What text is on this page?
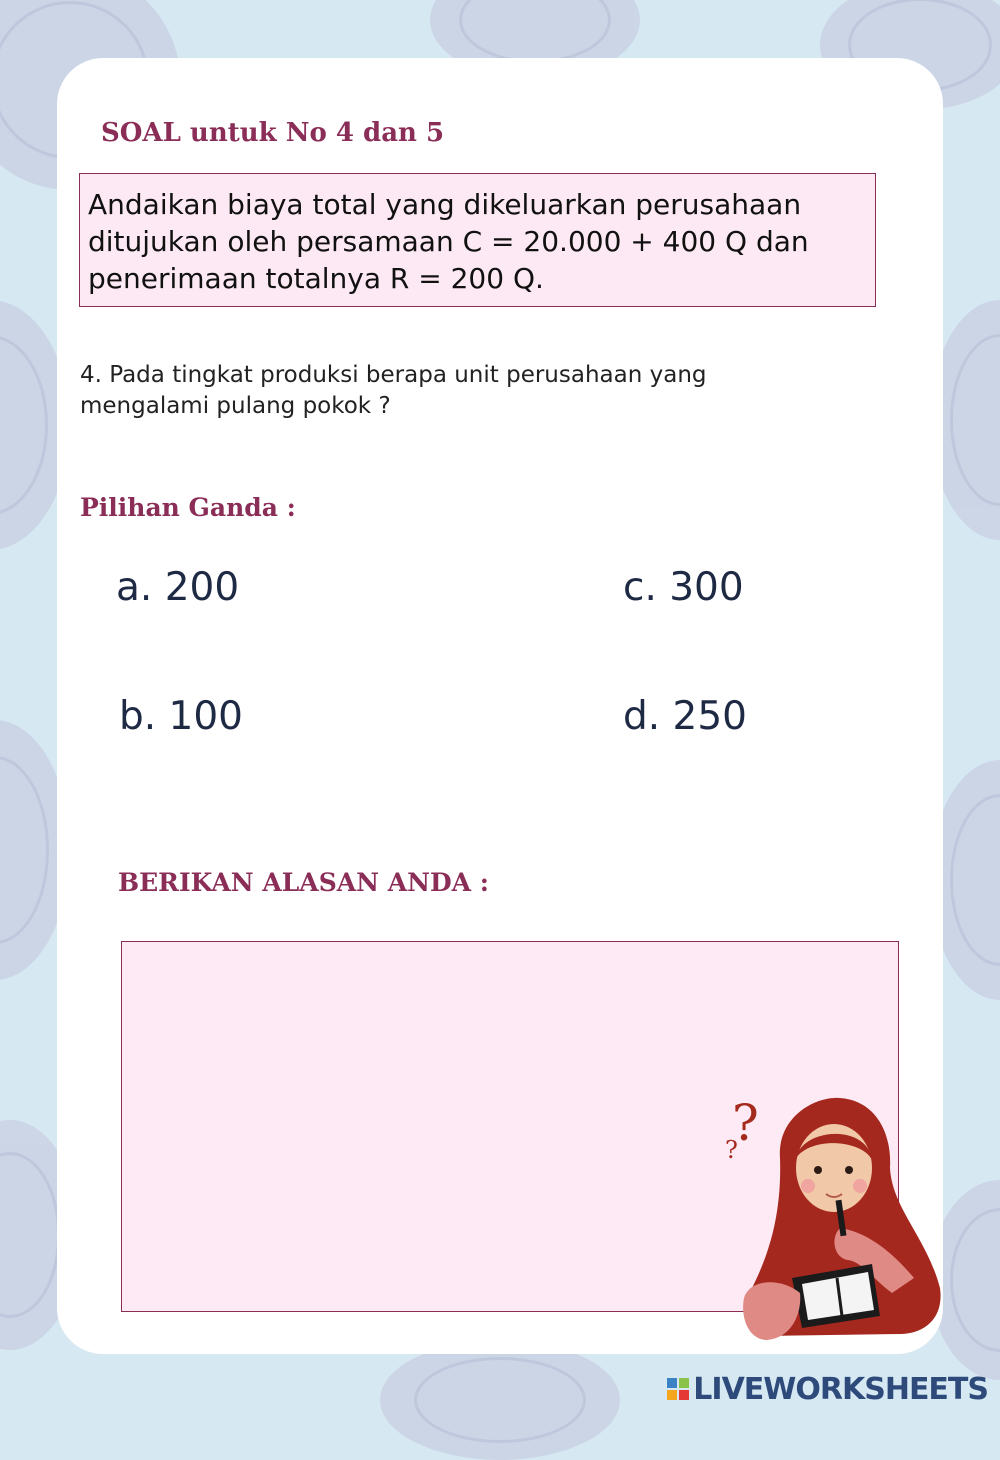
SOAL untuk No 4 dan 5
Andaikan biaya total yang dikeluarkan perusahaan
ditujukan oleh persamaan C = 20.000 + 400 Q dan
penerimaan totalnya R = 200 Q.
4. Pada tingkat produksi berapa unit perusahaan yang
mengalami pulang pokok ?
Pilihan Ganda :
a. 200	c. 300
b. 100	d. 250
BERIKAN ALASAN ANDA :
?
?
LIVEWORKSHEETS
